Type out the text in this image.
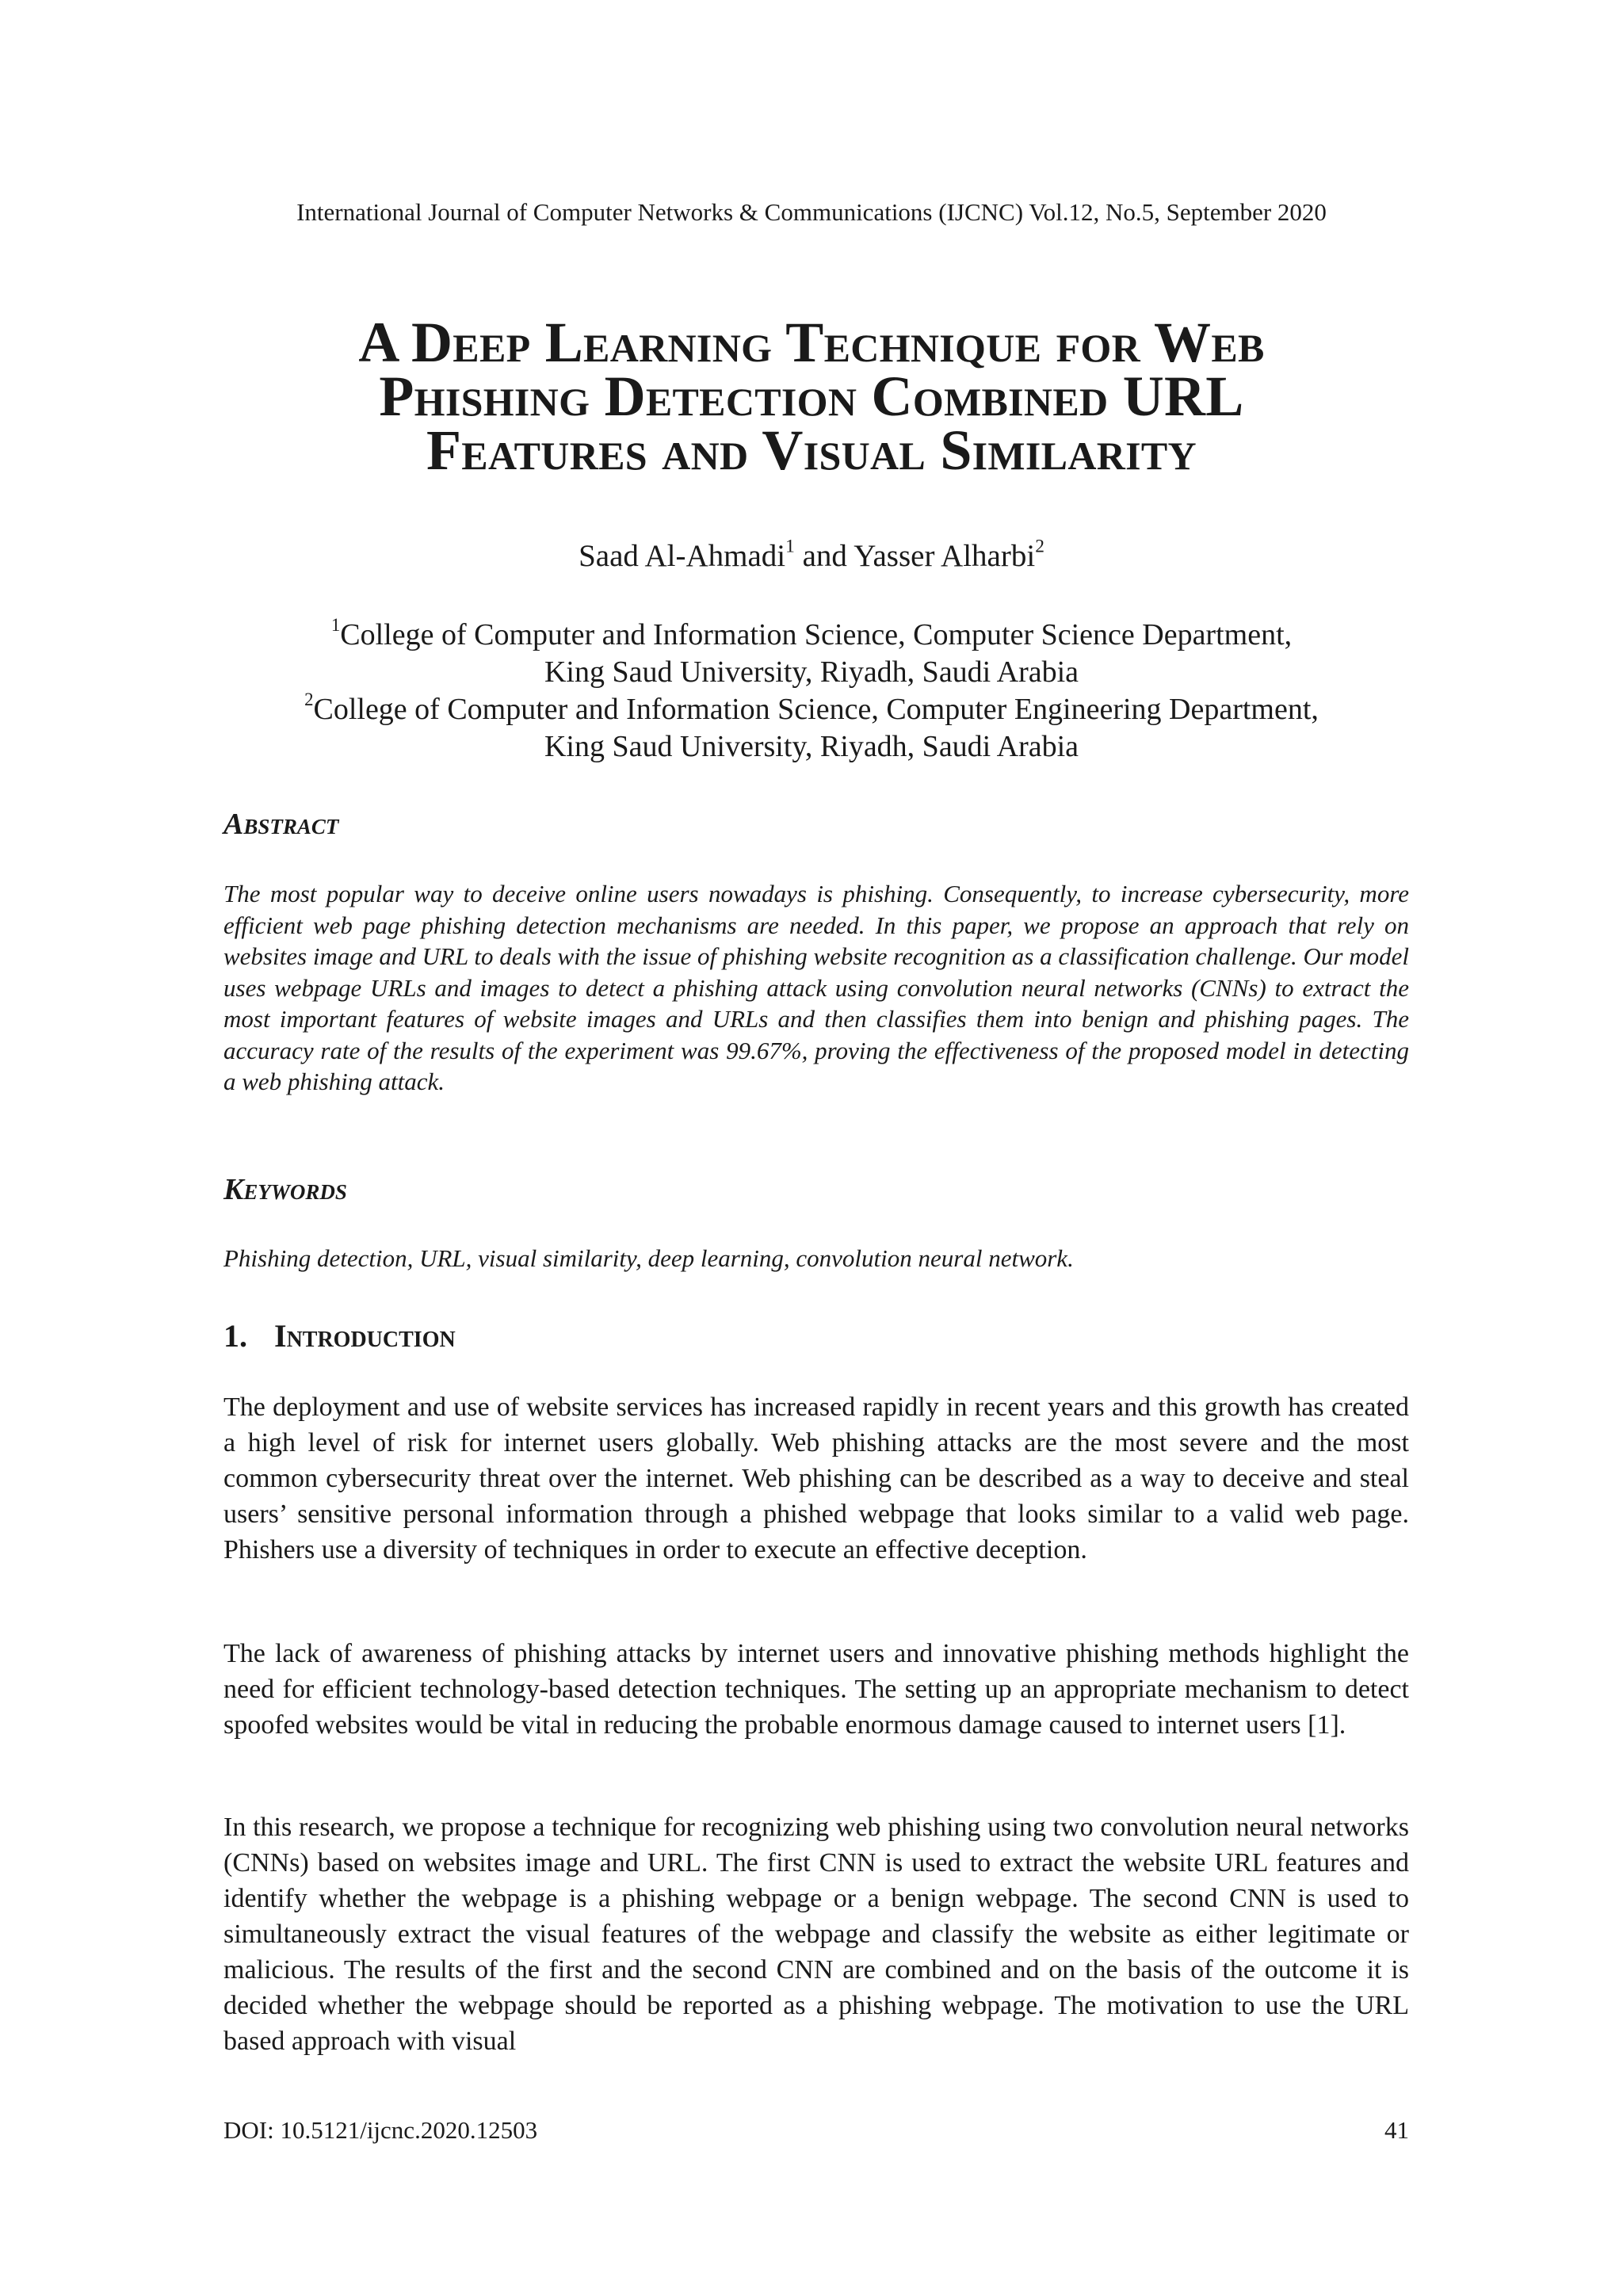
International Journal of Computer Networks & Communications (IJCNC) Vol.12, No.5, September 2020
A Deep Learning Technique for Web
Phishing Detection Combined URL
Features and Visual Similarity
Saad Al-Ahmadi$^1$ and Yasser Alharbi$^2$
$^1$College of Computer and Information Science, Computer Science Department,
King Saud University, Riyadh, Saudi Arabia
$^2$College of Computer and Information Science, Computer Engineering Department,
King Saud University, Riyadh, Saudi Arabia
Abstract
The most popular way to deceive online users nowadays is phishing. Consequently, to increase cybersecurity, more efficient web page phishing detection mechanisms are needed. In this paper, we propose an approach that rely on websites image and URL to deals with the issue of phishing website recognition as a classification challenge. Our model uses webpage URLs and images to detect a phishing attack using convolution neural networks (CNNs) to extract the most important features of website images and URLs and then classifies them into benign and phishing pages. The accuracy rate of the results of the experiment was 99.67%, proving the effectiveness of the proposed model in detecting a web phishing attack.
Keywords
Phishing detection, URL, visual similarity, deep learning, convolution neural network.
1. Introduction
The deployment and use of website services has increased rapidly in recent years and this growth has created a high level of risk for internet users globally. Web phishing attacks are the most severe and the most common cybersecurity threat over the internet. Web phishing can be described as a way to deceive and steal users’ sensitive personal information through a phished webpage that looks similar to a valid web page. Phishers use a diversity of techniques in order to execute an effective deception.
The lack of awareness of phishing attacks by internet users and innovative phishing methods highlight the need for efficient technology-based detection techniques. The setting up an appropriate mechanism to detect spoofed websites would be vital in reducing the probable enormous damage caused to internet users [1].
In this research, we propose a technique for recognizing web phishing using two convolution neural networks (CNNs) based on websites image and URL. The first CNN is used to extract the website URL features and identify whether the webpage is a phishing webpage or a benign webpage. The second CNN is used to simultaneously extract the visual features of the webpage and classify the website as either legitimate or malicious. The results of the first and the second CNN are combined and on the basis of the outcome it is decided whether the webpage should be reported as a phishing webpage. The motivation to use the URL based approach with visual
DOI: 10.5121/ijcnc.2020.12503	41
